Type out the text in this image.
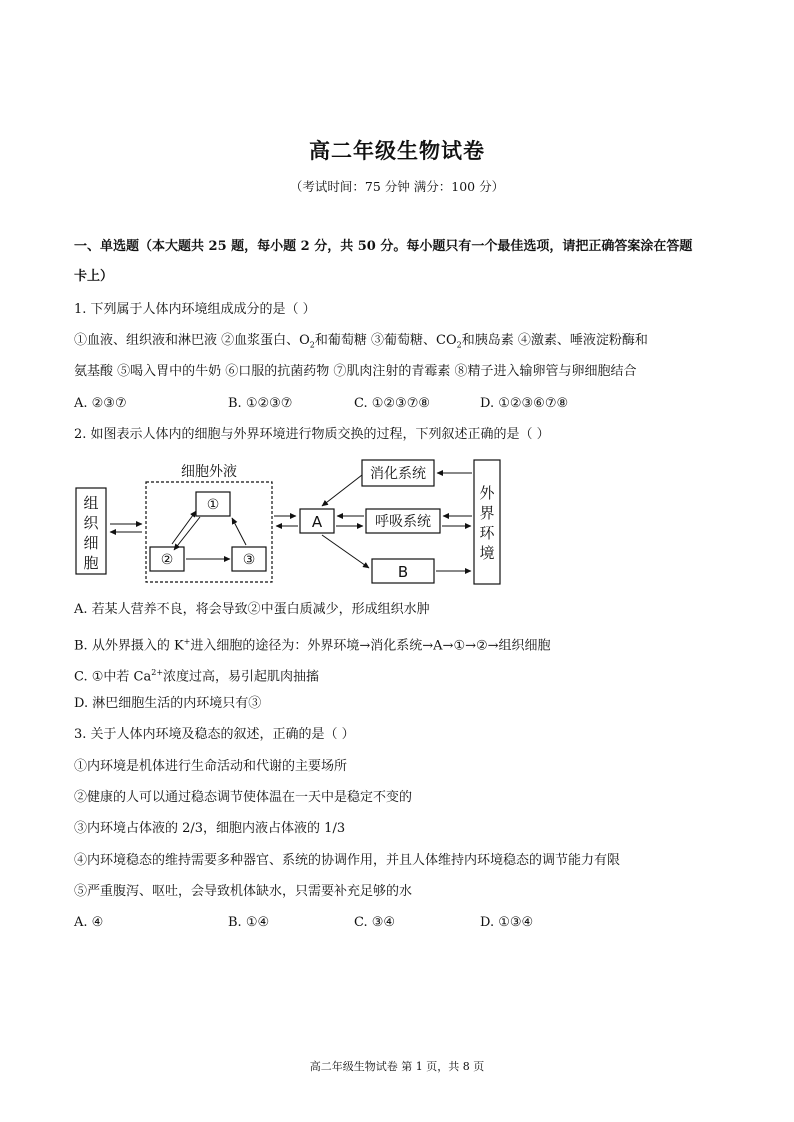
高二年级生物试卷
（考试时间：75 分钟 满分：100 分）
一、单选题（本大题共 25 题，每小题 2 分，共 50 分。每小题只有一个最佳选项，请把正确答案涂在答题
卡上）
1. 下列属于人体内环境组成成分的是（ ）
①血液、组织液和淋巴液 ②血浆蛋白、$O_2$和葡萄糖 ③葡萄糖、$CO_2$和胰岛素 ④激素、唾液淀粉酶和
氨基酸 ⑤喝入胃中的牛奶 ⑥口服的抗菌药物 ⑦肌肉注射的青霉素 ⑧精子进入输卵管与卵细胞结合
A. ②③⑦	B. ①②③⑦	C. ①②③⑦⑧	D. ①②③⑥⑦⑧
2. 如图表示人体内的细胞与外界环境进行物质交换的过程，下列叙述正确的是（ ）
组
织
细
胞
细胞外液
①
②	③
A
消化系统
呼吸系统
B
外
界
环
境
A. 若某人营养不良，将会导致②中蛋白质减少，形成组织水肿
B. 从外界摄入的 K+进入细胞的途径为：外界环境→消化系统→A→①→②→组织细胞
C. ①中若 $Ca^{2+}$浓度过高，易引起肌肉抽搐
D. 淋巴细胞生活的内环境只有③
3. 关于人体内环境及稳态的叙述，正确的是（ ）
①内环境是机体进行生命活动和代谢的主要场所
②健康的人可以通过稳态调节使体温在一天中是稳定不变的
③内环境占体液的 2/3，细胞内液占体液的 1/3
④内环境稳态的维持需要多种器官、系统的协调作用，并且人体维持内环境稳态的调节能力有限
⑤严重腹泻、呕吐，会导致机体缺水，只需要补充足够的水
A. ④	B. ①④	C. ③④	D. ①③④
高二年级生物试卷 第 1 页，共 8 页
